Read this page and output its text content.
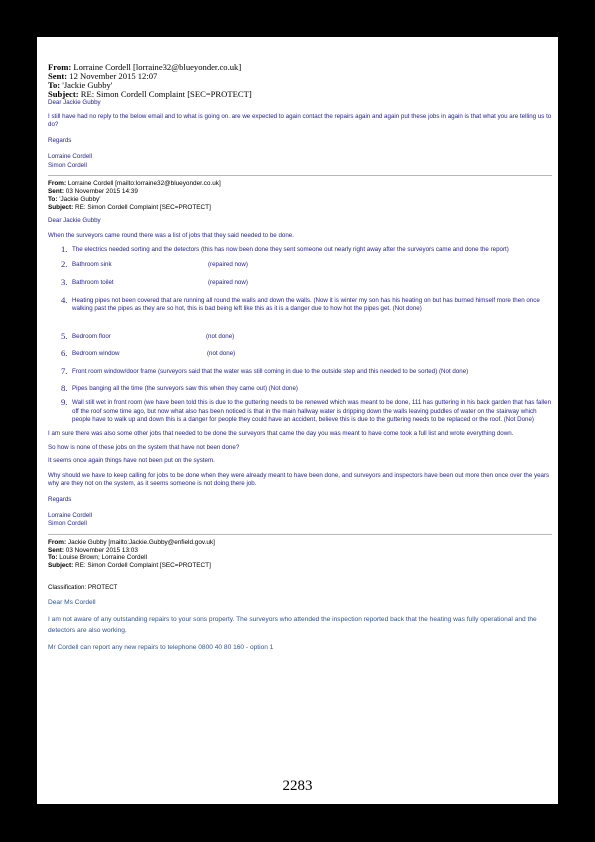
From: Lorraine Cordell [lorraine32@blueyonder.co.uk]
Sent: 12 November 2015 12:07
To: 'Jackie Gubby'
Subject: RE: Simon Cordell Complaint [SEC=PROTECT]

Dear Jackie Gubby

I still have had no reply to the below email and to what is going on. are we expected to again contact the repairs again and again put these jobs in again is that what you are telling us to do?

Regards

Lorraine Cordell

Simon Cordell

From: Lorraine Cordell [mailto:lorraine32@blueyonder.co.uk]
Sent: 03 November 2015 14:39
To: 'Jackie Gubby'
Subject: RE: Simon Cordell Complaint [SEC=PROTECT]

Dear Jackie Gubby

When the surveyors came round there was a list of jobs that they said needed to be done.

1. The electrics needed sorting and the detectors (this has now been done they sent someone out nearly right away after the surveyors came and done the report)
2. Bathroom sink	(repaired now)
3. Bathroom toilet	(repaired now)
4. Heating pipes not been covered that are running all round the walls and down the walls. (Now it is winter my son has his heating on but has burned himself more then once walking past the pipes as they are so hot, this is bad being left like this as it is a danger due to how hot the pipes get. (Not done)
5. Bedroom floor	(not done)
6. Bedroom window	(not done)
7. Front room window/door frame (surveyors said that the water was still coming in due to the outside step and this needed to be sorted) (Not done)
8. Pipes banging all the time (the surveyors saw this when they came out) (Not done)
9. Wall still wet in front room (we have been told this is due to the guttering needs to be renewed which was meant to be done, 111 has guttering in his back garden that has fallen off the roof some time ago, but now what also has been noticed is that in the main hallway water is dripping down the walls leaving puddles of water on the stairway which people have to walk up and down this is a danger for people they could have an accident, believe this is due to the guttering needs to be replaced or the roof. (Not Done)

I am sure there was also some other jobs that needed to be done the surveyors that came the day you was meant to have come took a full list and wrote everything down.

So how is none of these jobs on the system that have not been done?

It seems once again things have not been put on the system.

Why should we have to keep calling for jobs to be done when they were already meant to have been done, and surveyors and inspectors have been out more then once over the years why are they not on the system, as it seems someone is not doing there job.

Regards

Lorraine Cordell

Simon Cordell

From: Jackie Gubby [mailto:Jackie.Gubby@enfield.gov.uk]
Sent: 03 November 2015 13:03
To: Louise Brown; Lorraine Cordell
Subject: RE: Simon Cordell Complaint [SEC=PROTECT]
Classification: PROTECT
Dear Ms Cordell
I am not aware of any outstanding repairs to your sons property. The surveyors who attended the inspection reported back that the heating was fully operational and the detectors are also working.
Mr Cordell can report any new repairs to telephone 0800 40 80 160 - option 1
2283
